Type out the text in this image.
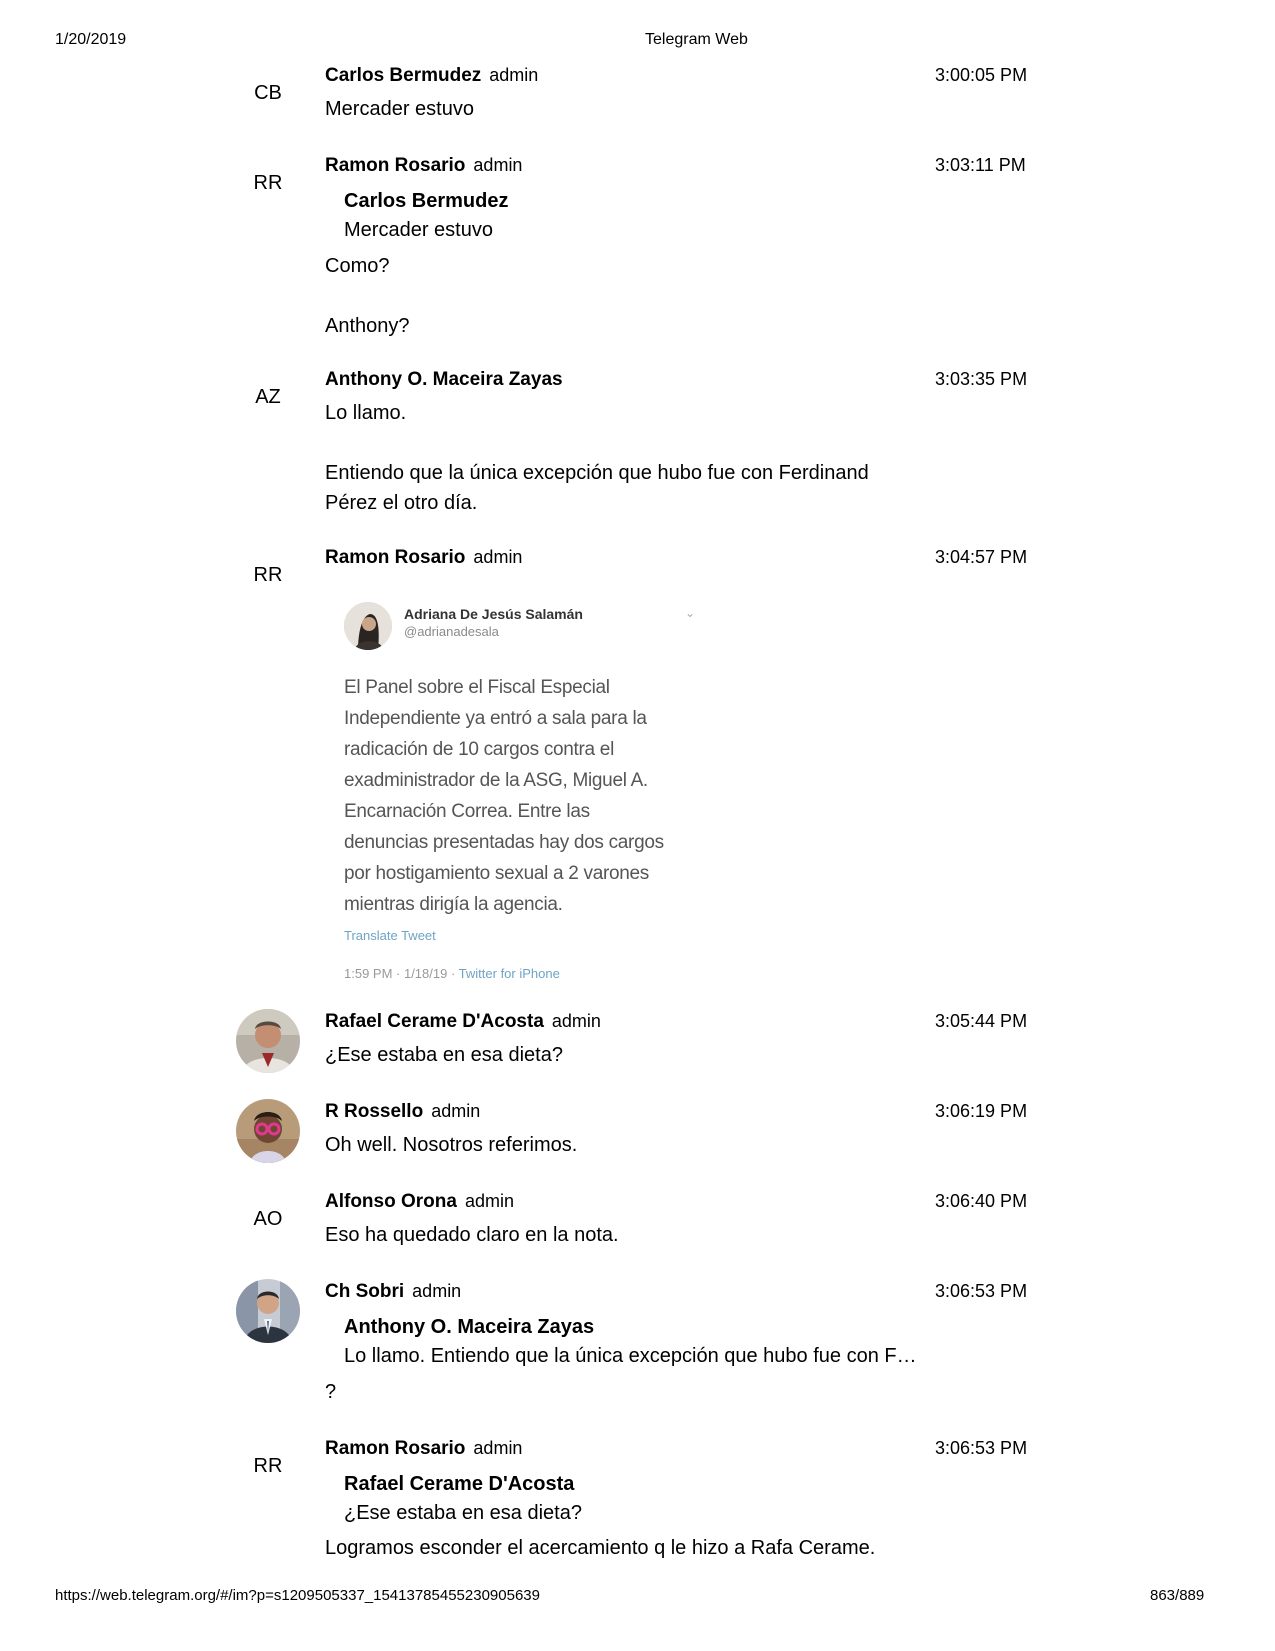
1/20/2019	Telegram Web
CB
Carlos Bermudez admin	3:00:05 PM
Mercader estuvo
RR
Ramon Rosario admin	3:03:11 PM
Carlos Bermudez
Mercader estuvo
Como?
Anthony?
AZ
Anthony O. Maceira Zayas	3:03:35 PM
Lo llamo.
Entiendo que la única excepción que hubo fue con Ferdinand
Pérez el otro día.
RR
Ramon Rosario admin	3:04:57 PM
Adriana De Jesús Salamán
@adrianadesala
⌄
El Panel sobre el Fiscal Especial
Independiente ya entró a sala para la
radicación de 10 cargos contra el
exadministrador de la ASG, Miguel A.
Encarnación Correa. Entre las
denuncias presentadas hay dos cargos
por hostigamiento sexual a 2 varones
mientras dirigía la agencia.
Translate Tweet
1:59 PM · 1/18/19 · Twitter for iPhone
Rafael Cerame D'Acosta admin	3:05:44 PM
¿Ese estaba en esa dieta?
R Rossello admin	3:06:19 PM
Oh well. Nosotros referimos.
AO
Alfonso Orona admin	3:06:40 PM
Eso ha quedado claro en la nota.
Ch Sobri admin	3:06:53 PM
Anthony O. Maceira Zayas
Lo llamo. Entiendo que la única excepción que hubo fue con F…
?
RR
Ramon Rosario admin	3:06:53 PM
Rafael Cerame D'Acosta
¿Ese estaba en esa dieta?
Logramos esconder el acercamiento q le hizo a Rafa Cerame.
https://web.telegram.org/#/im?p=s1209505337_15413785455230905639	863/889
